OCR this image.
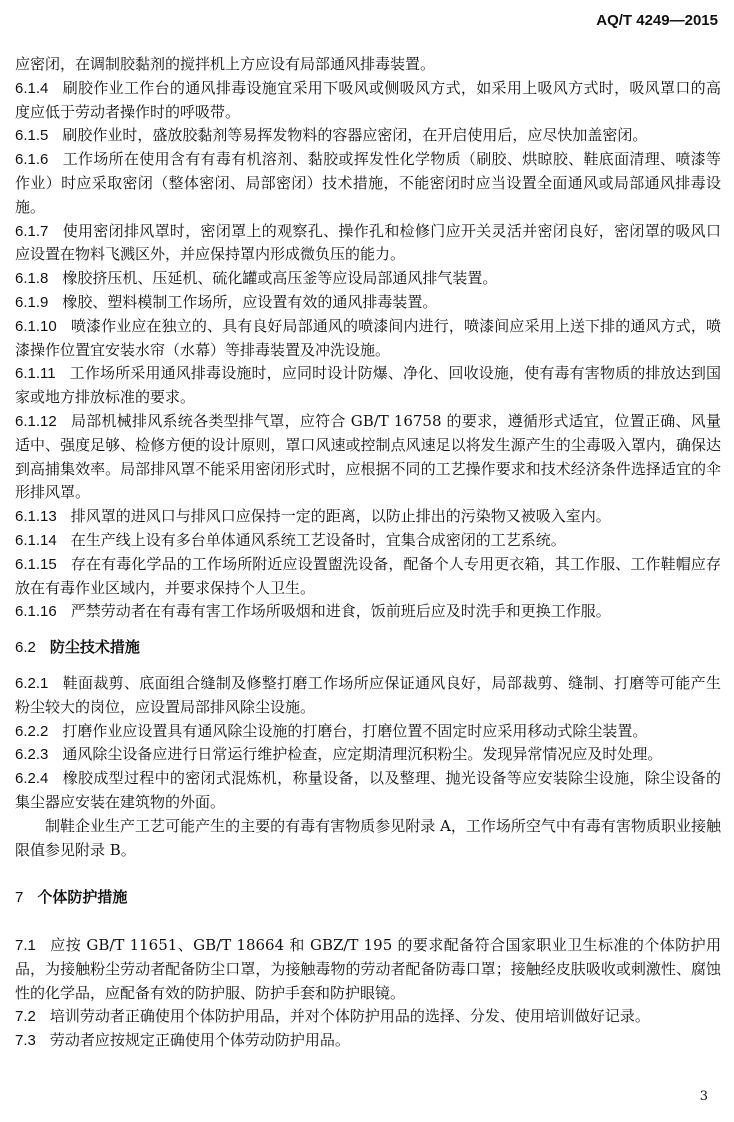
AQ/T 4249—2015

应密闭，在调制胶黏剂的搅拌机上方应设有局部通风排毒装置。

6.1.4 刷胶作业工作台的通风排毒设施宜采用下吸风或侧吸风方式，如采用上吸风方式时，吸风罩口的高度应低于劳动者操作时的呼吸带。

6.1.5 刷胶作业时，盛放胶黏剂等易挥发物料的容器应密闭，在开启使用后，应尽快加盖密闭。

6.1.6 工作场所在使用含有有毒有机溶剂、黏胶或挥发性化学物质（刷胶、烘晾胶、鞋底面清理、喷漆等作业）时应采取密闭（整体密闭、局部密闭）技术措施，不能密闭时应当设置全面通风或局部通风排毒设施。

6.1.7 使用密闭排风罩时，密闭罩上的观察孔、操作孔和检修门应开关灵活并密闭良好，密闭罩的吸风口应设置在物料飞溅区外，并应保持罩内形成微负压的能力。

6.1.8 橡胶挤压机、压延机、硫化罐或高压釜等应设局部通风排气装置。

6.1.9 橡胶、塑料模制工作场所，应设置有效的通风排毒装置。

6.1.10 喷漆作业应在独立的、具有良好局部通风的喷漆间内进行，喷漆间应采用上送下排的通风方式，喷漆操作位置宜安装水帘（水幕）等排毒装置及冲洗设施。

6.1.11 工作场所采用通风排毒设施时，应同时设计防爆、净化、回收设施，使有毒有害物质的排放达到国家或地方排放标准的要求。

6.1.12 局部机械排风系统各类型排气罩，应符合 GB/T 16758 的要求，遵循形式适宜，位置正确、风量适中、强度足够、检修方便的设计原则，罩口风速或控制点风速足以将发生源产生的尘毒吸入罩内，确保达到高捕集效率。局部排风罩不能采用密闭形式时，应根据不同的工艺操作要求和技术经济条件选择适宜的伞形排风罩。

6.1.13 排风罩的进风口与排风口应保持一定的距离，以防止排出的污染物又被吸入室内。

6.1.14 在生产线上设有多台单体通风系统工艺设备时，宜集合成密闭的工艺系统。

6.1.15 存在有毒化学品的工作场所附近应设置盥洗设备，配备个人专用更衣箱，其工作服、工作鞋帽应存放在有毒作业区域内，并要求保持个人卫生。

6.1.16 严禁劳动者在有毒有害工作场所吸烟和进食，饭前班后应及时洗手和更换工作服。

6.2 防尘技术措施

6.2.1 鞋面裁剪、底面组合缝制及修整打磨工作场所应保证通风良好，局部裁剪、缝制、打磨等可能产生粉尘较大的岗位，应设置局部排风除尘设施。

6.2.2 打磨作业应设置具有通风除尘设施的打磨台，打磨位置不固定时应采用移动式除尘装置。

6.2.3 通风除尘设备应进行日常运行维护检查，应定期清理沉积粉尘。发现异常情况应及时处理。

6.2.4 橡胶成型过程中的密闭式混炼机，称量设备，以及整理、抛光设备等应安装除尘设施，除尘设备的集尘器应安装在建筑物的外面。

制鞋企业生产工艺可能产生的主要的有毒有害物质参见附录 A，工作场所空气中有毒有害物质职业接触限值参见附录 B。

7 个体防护措施

7.1 应按 GB/T 11651、GB/T 18664 和 GBZ/T 195 的要求配备符合国家职业卫生标准的个体防护用品，为接触粉尘劳动者配备防尘口罩，为接触毒物的劳动者配备防毒口罩；接触经皮肤吸收或刺激性、腐蚀性的化学品，应配备有效的防护服、防护手套和防护眼镜。

7.2 培训劳动者正确使用个体防护用品，并对个体防护用品的选择、分发、使用培训做好记录。

7.3 劳动者应按规定正确使用个体劳动防护用品。

3
